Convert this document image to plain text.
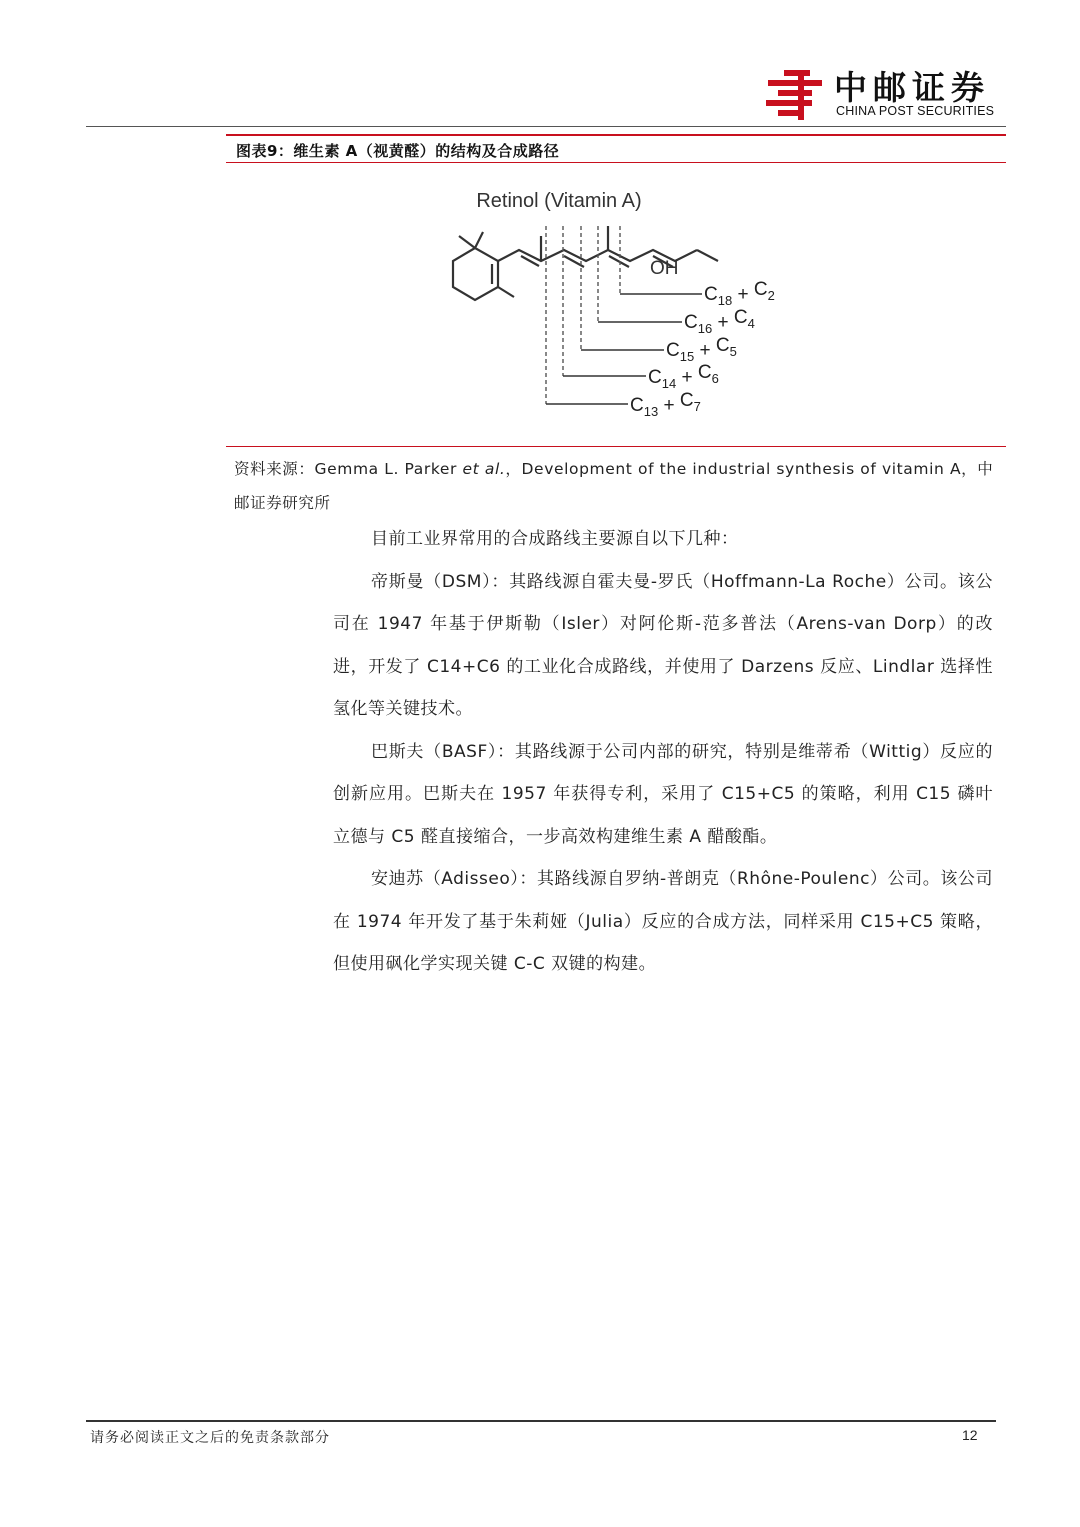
中邮证券
CHINA POST SECURITIES
图表9：维生素 A（视黄醛）的结构及合成路径
Retinol (Vitamin A)
OH
$C_{18} + C_2$
$C_{16} + C_4$
$C_{15} + C_5$
$C_{14} + C_6$
$C_{13} + C_7$
资料来源：Gemma L. Parker et al.，Development of the industrial synthesis of vitamin A，中邮证券研究所

目前工业界常用的合成路线主要源自以下几种：

帝斯曼（DSM）：其路线源自霍夫曼-罗氏（Hoffmann-La Roche）公司。该公司在 1947 年基于伊斯勒（Isler）对阿伦斯-范多普法（Arens-van Dorp）的改进，开发了 C14+C6 的工业化合成路线，并使用了 Darzens 反应、Lindlar 选择性氢化等关键技术。

巴斯夫（BASF）：其路线源于公司内部的研究，特别是维蒂希（Wittig）反应的创新应用。巴斯夫在 1957 年获得专利，采用了 C15+C5 的策略，利用 C15 磷叶立德与 C5 醛直接缩合，一步高效构建维生素 A 醋酸酯。

安迪苏（Adisseo）：其路线源自罗纳-普朗克（Rhône-Poulenc）公司。该公司在 1974 年开发了基于朱莉娅（Julia）反应的合成方法，同样采用 C15+C5 策略，但使用砜化学实现关键 C-C 双键的构建。

请务必阅读正文之后的免责条款部分	12
